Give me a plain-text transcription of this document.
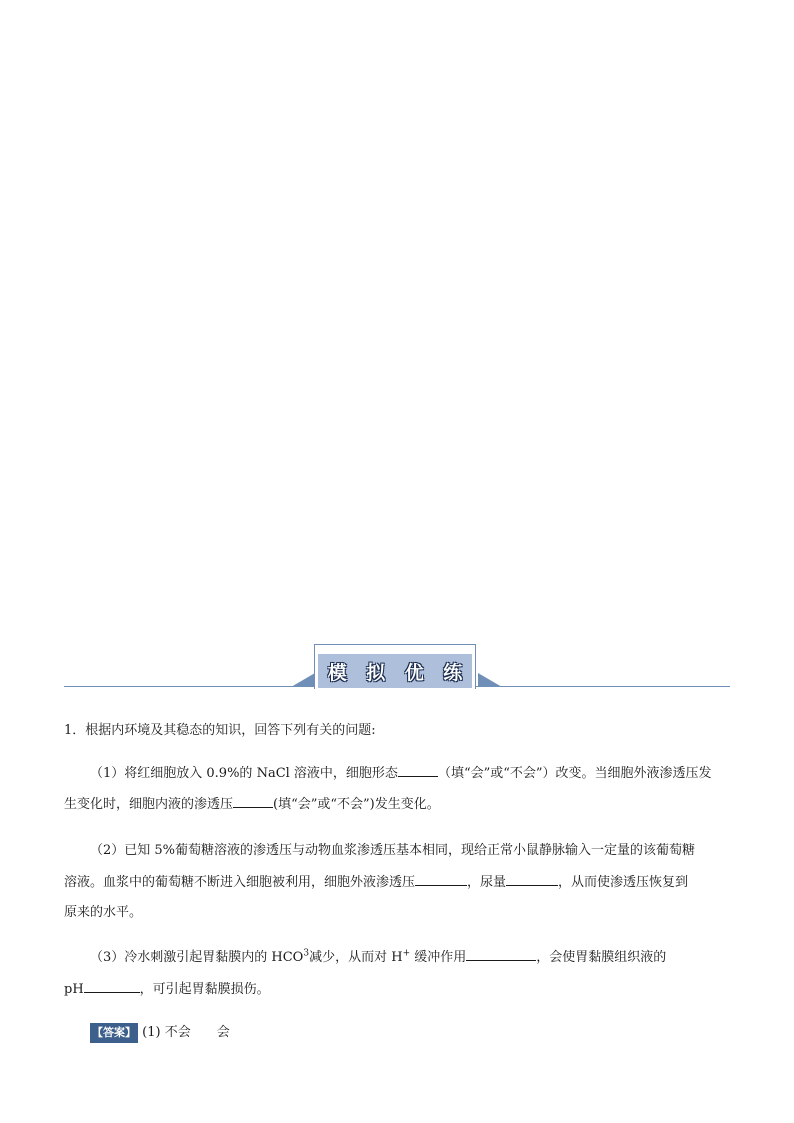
模 拟 优 练
1．根据内环境及其稳态的知识，回答下列有关的问题:
（1）将红细胞放入 0.9%的 NaCl 溶液中，细胞形态	（填“会”或“不会”）改变。当细胞外液渗透压发
生变化时，细胞内液的渗透压	(填“会”或“不会”)发生变化。
（2）已知 5%葡萄糖溶液的渗透压与动物血浆渗透压基本相同，现给正常小鼠静脉输入一定量的该葡萄糖
溶液。血浆中的葡萄糖不断进入细胞被利用，细胞外液渗透压	，尿量	，从而使渗透压恢复到
原来的水平。
（3）冷水刺激引起胃黏膜内的 HCO$^3$减少，从而对 H+ 缓冲作用	，会使胃黏膜组织液的
pH	，可引起胃黏膜损伤。
【答案】 (1) 不会　　会
